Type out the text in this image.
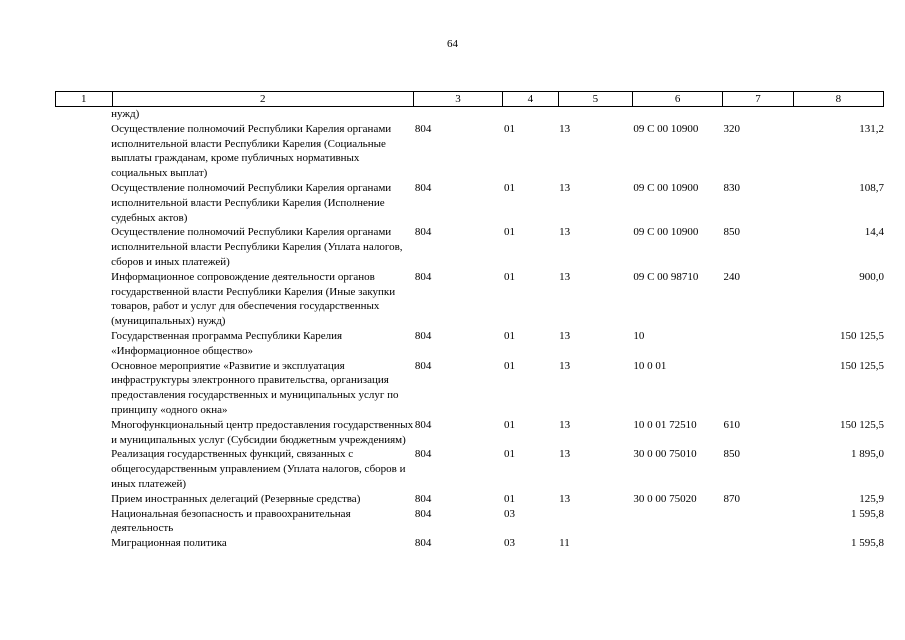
64
1	2	3	4	5	6	7	8
	нужд)						
	Осуществление полномочий Республики Карелия органами исполнительной власти Республики Карелия (Социальные выплаты гражданам, кроме публичных нормативных социальных выплат)	804	01	13	09 С 00 10900	320	131,2
	Осуществление полномочий Республики Карелия органами исполнительной власти Республики Карелия (Исполнение судебных актов)	804	01	13	09 С 00 10900	830	108,7
	Осуществление полномочий Республики Карелия органами исполнительной власти Республики Карелия (Уплата налогов, сборов и иных платежей)	804	01	13	09 С 00 10900	850	14,4
	Информационное сопровождение деятельности органов государственной власти Республики Карелия (Иные закупки товаров, работ и услуг для обеспечения государственных (муниципальных) нужд)	804	01	13	09 С 00 98710	240	900,0
	Государственная программа Республики Карелия «Информационное общество»	804	01	13	10		150 125,5
	Основное мероприятие «Развитие и эксплуатация инфраструктуры электронного правительства, организация предоставления государственных и муниципальных услуг по принципу «одного окна»	804	01	13	10 0 01		150 125,5
	Многофункциональный центр предоставления государственных и муниципальных услуг (Субсидии бюджетным учреждениям)	804	01	13	10 0 01 72510	610	150 125,5
	Реализация государственных функций, связанных с общегосударственным управлением (Уплата налогов, сборов и иных платежей)	804	01	13	30 0 00 75010	850	1 895,0
	Прием иностранных делегаций (Резервные средства)	804	01	13	30 0 00 75020	870	125,9
	Национальная безопасность и правоохранительная деятельность	804	03				1 595,8
	Миграционная политика	804	03	11			1 595,8
